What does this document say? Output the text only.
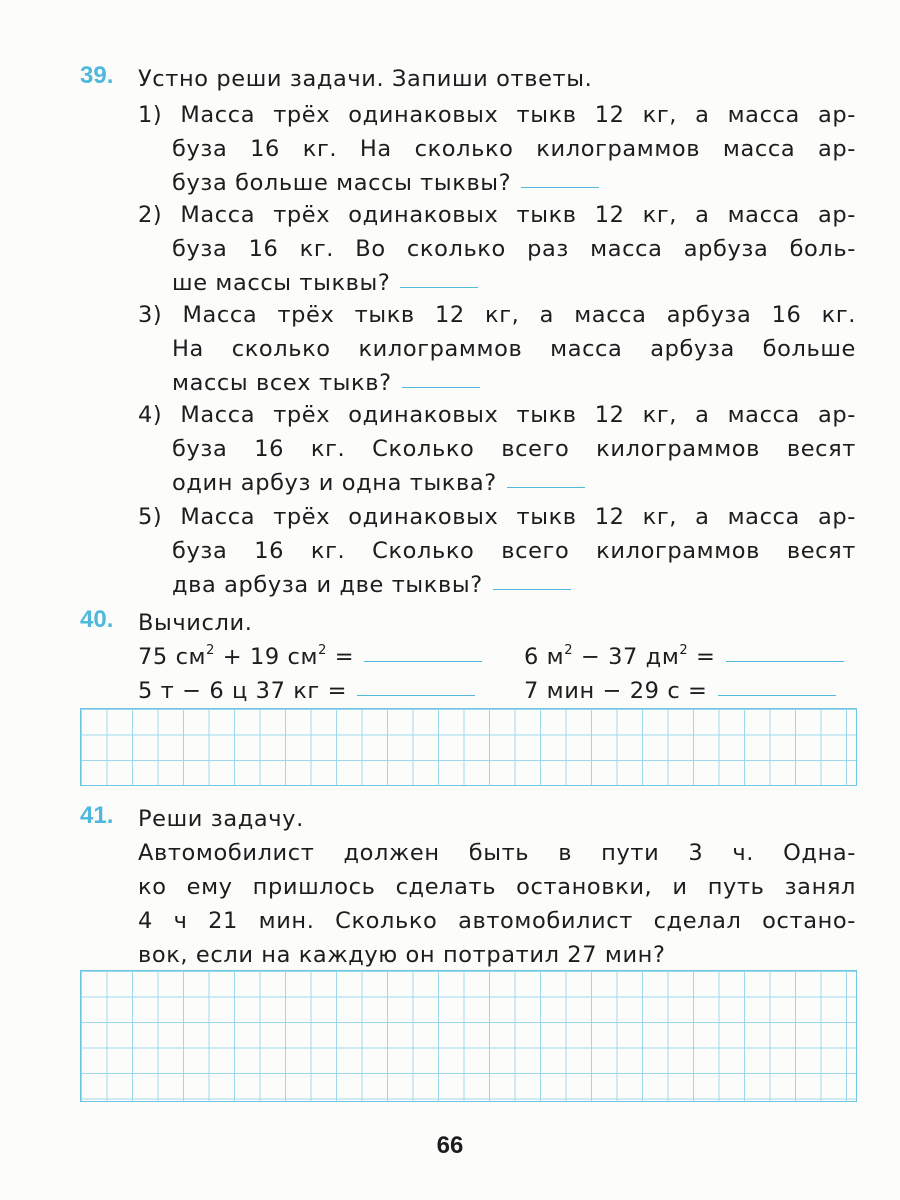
39. Устно реши задачи. Запиши ответы.
1) Масса трёх одинаковых тыкв 12 кг, а масса ар-
буза 16 кг. На сколько килограммов масса ар-
буза больше массы тыквы?
2) Масса трёх одинаковых тыкв 12 кг, а масса ар-
буза 16 кг. Во сколько раз масса арбуза боль-
ше массы тыквы?
3) Масса трёх тыкв 12 кг, а масса арбуза 16 кг.
На сколько килограммов масса арбуза больше
массы всех тыкв?
4) Масса трёх одинаковых тыкв 12 кг, а масса ар-
буза 16 кг. Сколько всего килограммов весят
один арбуз и одна тыква?
5) Масса трёх одинаковых тыкв 12 кг, а масса ар-
буза 16 кг. Сколько всего килограммов весят
два арбуза и две тыквы?
40. Вычисли.
75 $см^2 + 19$ $см^2$ =	6 $м^2 - 37$ $дм^2$ =
5 т − 6 ц 37 кг =	7 мин − 29 с =
41. Реши задачу.
Автомобилист должен быть в пути 3 ч. Однa-
ко ему пришлось сделать остановки, и путь занял
4 ч 21 мин. Сколько автомобилист сделал остано-
вок, если на каждую он потратил 27 мин?
66
